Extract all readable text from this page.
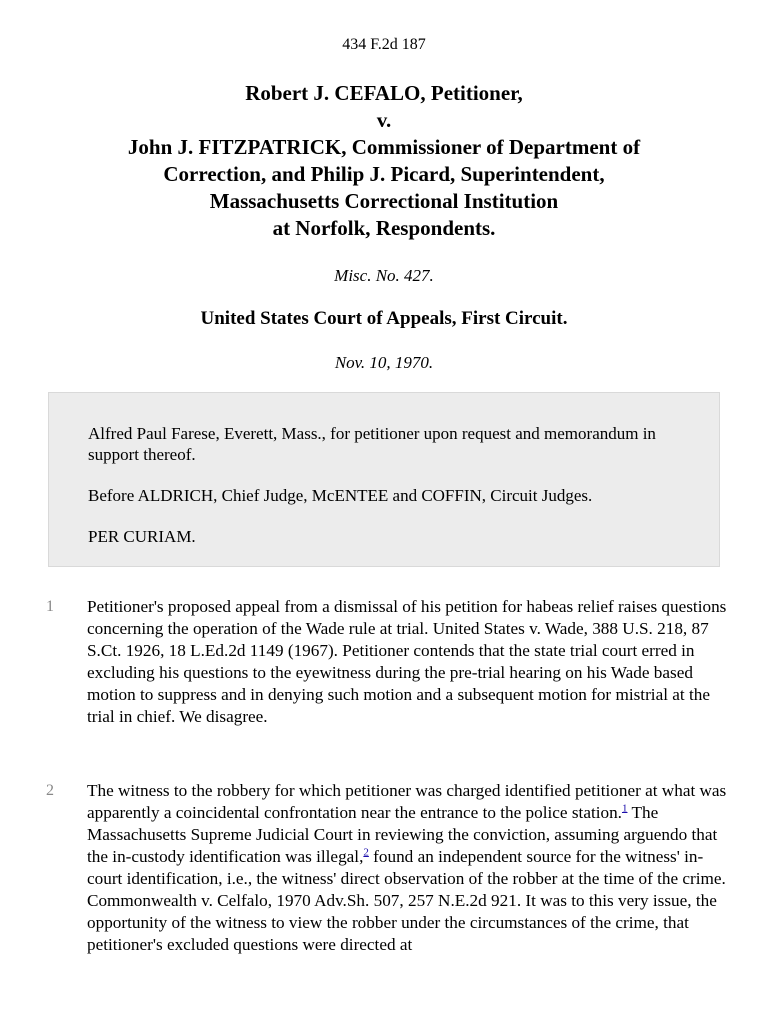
434 F.2d 187
Robert J. CEFALO, Petitioner,
v.
John J. FITZPATRICK, Commissioner of Department of
Correction, and Philip J. Picard, Superintendent,
Massachusetts Correctional Institution
at Norfolk, Respondents.
Misc. No. 427.
United States Court of Appeals, First Circuit.
Nov. 10, 1970.

Alfred Paul Farese, Everett, Mass., for petitioner upon request and memorandum in support thereof.

Before ALDRICH, Chief Judge, McENTEE and COFFIN, Circuit Judges.

PER CURIAM.

1 Petitioner's proposed appeal from a dismissal of his petition for habeas relief raises questions concerning the operation of the Wade rule at trial. United States v. Wade, 388 U.S. 218, 87 S.Ct. 1926, 18 L.Ed.2d 1149 (1967). Petitioner contends that the state trial court erred in excluding his questions to the eyewitness during the pre-trial hearing on his Wade based motion to suppress and in denying such motion and a subsequent motion for mistrial at the trial in chief. We disagree.

2 The witness to the robbery for which petitioner was charged identified petitioner at what was apparently a coincidental confrontation near the entrance to the police station.$^1$ The Massachusetts Supreme Judicial Court in reviewing the conviction, assuming arguendo that the in-custody identification was illegal,$^2$ found an independent source for the witness' in-court identification, i.e., the witness' direct observation of the robber at the time of the crime. Commonwealth v. Celfalo, 1970 Adv.Sh. 507, 257 N.E.2d 921. It was to this very issue, the opportunity of the witness to view the robber under the circumstances of the crime, that petitioner's excluded questions were directed at
